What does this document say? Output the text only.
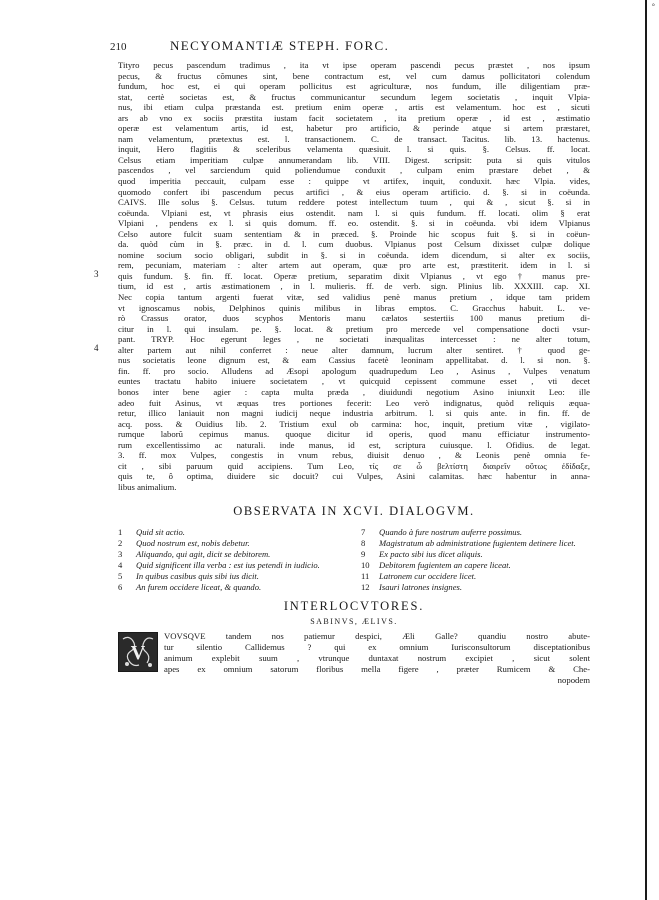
°
210	NECYOMANTIÆ STEPH. FORC.
Tityro pecus pascendum tradimus , ita vt ipse operam pascendi pecus præstet , nos ipsum
pecus, & fructus cõmunes sint, bene contractum est, vel cum damus pollicitatori colendum
fundum, hoc est, ei qui operam pollicitus est agriculturæ, nos fundum, ille diligentiam præ-
stat, certè societas est, & fructus communicantur secundum legem societatis , inquit Vlpia-
nus, ibi etiam culpa præstanda est. pretium enim operæ , artis est velamentum. hoc est , sicuti
ars ab vno ex sociis præstita iustam facit societatem , ita pretium operæ , id est , æstimatio
operæ est velamentum artis, id est, habetur pro artificio, & perinde atque si artem præstaret,
nam velamentum, prætextus est. l. transactionem. C. de transact. Tacitus. lib. 13. hactenus.
inquit, Hero flagitiis & sceleribus velamenta quæsiuit. l. si quis. §. Celsus. ff. locat.
Celsus etiam imperitiam culpæ annumerandam lib. VIII. Digest. scripsit: puta si quis vitulos
pascendos , vel sarciendum quid poliendumue conduxit , culpam enim præstare debet , &
quod imperitia peccauit, culpam esse : quippe vt artifex, inquit, conduxit. hæc Vlpia. vides,
quomodo confert ibi pascendum pecus artifici , & eius operam artificio. d. §. si in coëunda.
CAIVS. Ille solus §. Celsus. tutum reddere potest intellectum tuum , qui & , sicut §. si in
coëunda. Vlpiani est, vt phrasis eius ostendit. nam l. si quis fundum. ff. locati. olim § erat
Vlpiani , pendens ex l. si quis domum. ff. eo. ostendit. §. si in coëunda. vbi idem Vlpianus
Celso autore fulcit suam sententiam & in præced. §. Proinde hic scopus fuit §. si in coëun-
da. quòd cùm in §. præc. in d. l. cum duobus. Vlpianus post Celsum dixisset culpæ dolique
nomine socium socio obligari, subdit in §. si in coëunda. idem dicendum, si alter ex sociis,
rem, pecuniam, materiam : alter artem aut operam, quæ pro arte est, præstiterit. idem in l. si
quis fundum. §. fin. ff. locat. Operæ pretium, separatim dixit Vlpianus , vt ego † manus pre-
tium, id est , artis æstimationem , in l. mulieris. ff. de verb. sign. Plinius lib. XXXIII. cap. XI.
Nec copia tantum argenti fuerat vitæ, sed validius penè manus pretium , idque tam pridem
vt ignoscamus nobis, Delphinos quinis milibus in libras emptos. C. Gracchus habuit. L. ve-
rò Crassus orator, duos scyphos Mentoris manu cælatos sestertiis 100 manus pretium di-
citur in l. qui insulam. pe. §. locat. & pretium pro mercede vel compensatione docti vsur-
pant. TRYP. Hoc egerunt leges , ne societati inæqualitas intercesset : ne alter totum,
alter partem aut nihil conferret : neue alter damnum, lucrum alter sentiret. † quod ge-
nus societatis leone dignum est, & eam Cassius facetè leoninam appellitabat. d. l. si non. §.
fin. ff. pro socio. Alludens ad Æsopi apologum quadrupedum Leo , Asinus , Vulpes venatum
euntes tractatu habito iniuere societatem , vt quicquid cepissent commune esset , vti decet
bonos inter bene agier : capta multa præda , diuidundi negotium Asino iniunxit Leo: ille
adeo fuit Asinus, vt æquas tres portiones fecerit: Leo verò indignatus, quòd reliquis æqua-
retur, illico laniauit non magni iudicij neque industria arbitrum. l. si quis ante. in fin. ff. de
acq. poss. & Ouidius lib. 2. Tristium exul ob carmina: hoc, inquit, pretium vitæ , vigilato-
rumque laborũ cepimus manus. quoque dicitur id operis, quod manu efficiatur instrumento-
rum excellentissimo ac naturali. inde manus, id est, scriptura cuiusque. l. Ofidius. de legat.
3. ff. mox Vulpes, congestis in vnum rebus, diuisit denuo , & Leonis penè omnia fe-
cit , sibi paruum quid accipiens. Tum Leo, τίς σε ὦ βελτίστη διαιρεῖν οὕτως ἐδίδαξε,
quis te, ô optima, diuidere sic docuit? cui Vulpes, Asini calamitas. hæc habentur in anna-
libus animalium.
OBSERVATA IN XCVI. DIALOGVM.
1	Quid sit actio.
2	Quod nostrum est, nobis debetur.
3	Aliquando, qui agit, dicit se debitorem.
4	Quid significent illa verba : est ius petendi in iudicio.
5	In quibus casibus quis sibi ius dicit.
6	An furem occidere liceat, & quando.
7	Quando à fure nostrum auferre possimus.
8	Magistratum ab administratione fugientem detinere licet.
9	Ex pacto sibi ius dicet aliquis.
10	Debitorem fugientem an capere liceat.
11	Latronem cur occidere licet.
12	Isauri latrones insignes.
INTERLOCVTORES.
SABINVS, ÆLIVS.
V
VOVSQVE tandem nos patiemur despici, Æli Galle? quandiu nostro abute-
tur silentio Callidemus ? qui ex omnium Iurisconsultorum disceptationibus
animum explebit suum , vtrunque duntaxat nostrum excipiet , sicut solent
apes ex omnium satorum floribus mella figere , præter Rumicem & Che-
nopodem
3
4
